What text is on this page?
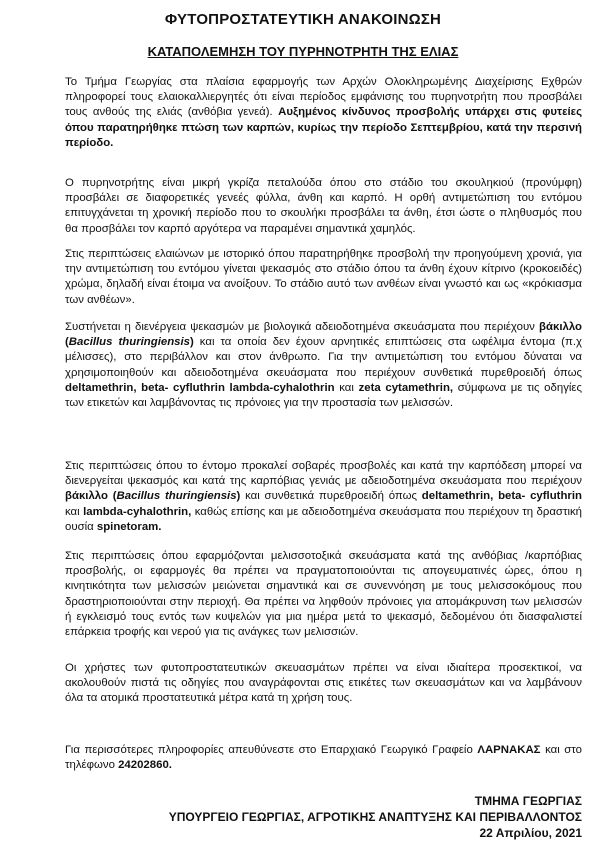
ΦΥΤΟΠΡΟΣΤΑΤΕΥΤΙΚΗ ΑΝΑΚΟΙΝΩΣΗ
ΚΑΤΑΠΟΛΕΜΗΣΗ ΤΟΥ ΠΥΡΗΝΟΤΡΗΤΗ ΤΗΣ ΕΛΙΑΣ
Το Τμήμα Γεωργίας στα πλαίσια εφαρμογής των Αρχών Ολοκληρωμένης Διαχείρισης Εχθρών πληροφορεί τους ελαιοκαλλιεργητές ότι είναι περίοδος εμφάνισης του πυρηνοτρήτη που προσβάλει τους ανθούς της ελιάς (ανθόβια γενεά). Αυξημένος κίνδυνος προσβολής υπάρχει στις φυτείες όπου παρατηρήθηκε πτώση των καρπών, κυρίως την περίοδο Σεπτεμβρίου, κατά την περσινή περίοδο.
Ο πυρηνοτρήτης είναι μικρή γκρίζα πεταλούδα όπου στο στάδιο του σκουληκιού (προνύμφη) προσβάλει σε διαφορετικές γενεές φύλλα, άνθη και καρπό. Η ορθή αντιμετώπιση του εντόμου επιτυγχάνεται τη χρονική περίοδο που το σκουλήκι προσβάλει τα άνθη, έτσι ώστε ο πληθυσμός που θα προσβάλει τον καρπό αργότερα να παραμένει σημαντικά χαμηλός.
Στις περιπτώσεις ελαιώνων με ιστορικό όπου παρατηρήθηκε προσβολή την προηγούμενη χρονιά, για την αντιμετώπιση του εντόμου γίνεται ψεκασμός στο στάδιο όπου τα άνθη έχουν κίτρινο (κροκοειδές) χρώμα, δηλαδή είναι έτοιμα να ανοίξουν. Το στάδιο αυτό των ανθέων είναι γνωστό και ως «κρόκιασμα των ανθέων».
Συστήνεται η διενέργεια ψεκασμών με βιολογικά αδειοδοτημένα σκευάσματα που περιέχουν βάκιλλο (Bacillus thuringiensis) και τα οποία δεν έχουν αρνητικές επιπτώσεις στα ωφέλιμα έντομα (π.χ μέλισσες), στο περιβάλλον και στον άνθρωπο. Για την αντιμετώπιση του εντόμου δύναται να χρησιμοποιηθούν και αδειοδοτημένα σκευάσματα που περιέχουν συνθετικά πυρεθροειδή όπως deltamethrin, beta- cyfluthrin lambda-cyhalothrin και zeta cytamethrin, σύμφωνα με τις οδηγίες των ετικετών και λαμβάνοντας τις πρόνοιες για την προστασία των μελισσών.
Στις περιπτώσεις όπου το έντομο προκαλεί σοβαρές προσβολές και κατά την καρπόδεση μπορεί να διενεργείται ψεκασμός και κατά της καρπόβιας γενιάς με αδειοδοτημένα σκευάσματα που περιέχουν βάκιλλο (Bacillus thuringiensis) και συνθετικά πυρεθροειδή όπως deltamethrin, beta- cyfluthrin και lambda-cyhalothrin, καθώς επίσης και με αδειοδοτημένα σκευάσματα που περιέχουν τη δραστική ουσία spinetoram.
Στις περιπτώσεις όπου εφαρμόζονται μελισσοτοξικά σκευάσματα κατά της ανθόβιας /καρπόβιας προσβολής, οι εφαρμογές θα πρέπει να πραγματοποιούνται τις απογευματινές ώρες, όπου η κινητικότητα των μελισσών μειώνεται σημαντικά και σε συνεννόηση με τους μελισσοκόμους που δραστηριοποιούνται στην περιοχή. Θα πρέπει να ληφθούν πρόνοιες για απομάκρυνση των μελισσών ή εγκλεισμό τους εντός των κυψελών για μια ημέρα μετά το ψεκασμό, δεδομένου ότι διασφαλιστεί επάρκεια τροφής και νερού για τις ανάγκες των μελισσιών.
Οι χρήστες των φυτοπροστατευτικών σκευασμάτων πρέπει να είναι ιδιαίτερα προσεκτικοί, να ακολουθούν πιστά τις οδηγίες που αναγράφονται στις ετικέτες των σκευασμάτων και να λαμβάνουν όλα τα ατομικά προστατευτικά μέτρα κατά τη χρήση τους.
Για περισσότερες πληροφορίες απευθύνεστε στο Επαρχιακό Γεωργικό Γραφείο ΛΑΡΝΑΚΑΣ και στο τηλέφωνο 24202860.
ΤΜΗΜΑ ΓΕΩΡΓΙΑΣ
ΥΠΟΥΡΓΕΙΟ ΓΕΩΡΓΙΑΣ, ΑΓΡΟΤΙΚΗΣ ΑΝΑΠΤΥΞΗΣ ΚΑΙ ΠΕΡΙΒΑΛΛΟΝΤΟΣ
22 Απριλίου, 2021
